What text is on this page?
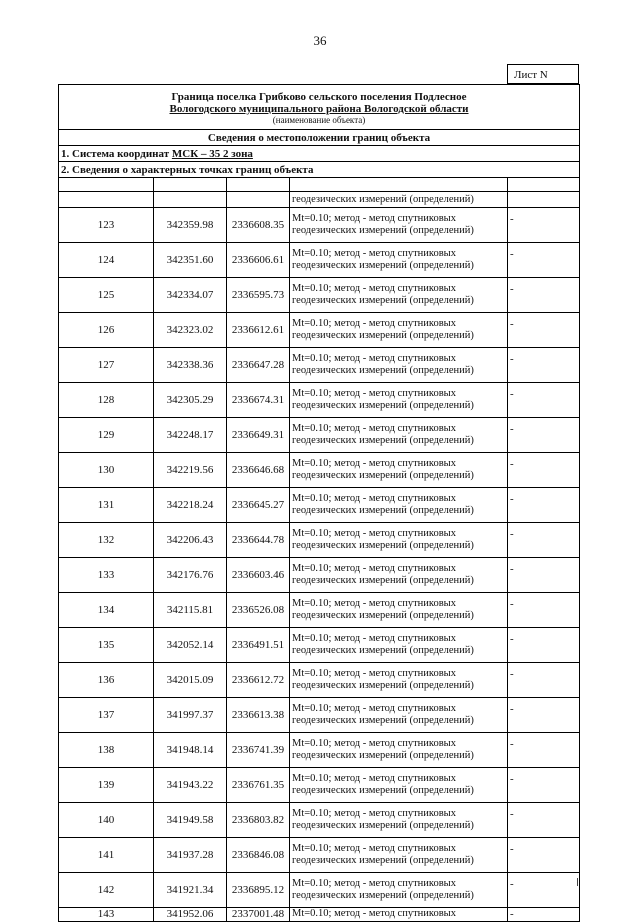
36
Лист N
Граница поселка Грибково сельского поселения Подлесное
Вологодского муниципального района Вологодской области
(наименование объекта)				

Сведения о местоположении границ объекта				
1. Система координат МСК – 35 2 зона				
2. Сведения о характерных точках границ объекта				

			геодезических измерений (определений)	
123	342359.98	2336608.35	Mt=0.10; метод - метод спутниковых
геодезических измерений (определений)	-
124	342351.60	2336606.61	Mt=0.10; метод - метод спутниковых
геодезических измерений (определений)	-
125	342334.07	2336595.73	Mt=0.10; метод - метод спутниковых
геодезических измерений (определений)	-
126	342323.02	2336612.61	Mt=0.10; метод - метод спутниковых
геодезических измерений (определений)	-
127	342338.36	2336647.28	Mt=0.10; метод - метод спутниковых
геодезических измерений (определений)	-
128	342305.29	2336674.31	Mt=0.10; метод - метод спутниковых
геодезических измерений (определений)	-
129	342248.17	2336649.31	Mt=0.10; метод - метод спутниковых
геодезических измерений (определений)	-
130	342219.56	2336646.68	Mt=0.10; метод - метод спутниковых
геодезических измерений (определений)	-
131	342218.24	2336645.27	Mt=0.10; метод - метод спутниковых
геодезических измерений (определений)	-
132	342206.43	2336644.78	Mt=0.10; метод - метод спутниковых
геодезических измерений (определений)	-
133	342176.76	2336603.46	Mt=0.10; метод - метод спутниковых
геодезических измерений (определений)	-
134	342115.81	2336526.08	Mt=0.10; метод - метод спутниковых
геодезических измерений (определений)	-
135	342052.14	2336491.51	Mt=0.10; метод - метод спутниковых
геодезических измерений (определений)	-
136	342015.09	2336612.72	Mt=0.10; метод - метод спутниковых
геодезических измерений (определений)	-
137	341997.37	2336613.38	Mt=0.10; метод - метод спутниковых
геодезических измерений (определений)	-
138	341948.14	2336741.39	Mt=0.10; метод - метод спутниковых
геодезических измерений (определений)	-
139	341943.22	2336761.35	Mt=0.10; метод - метод спутниковых
геодезических измерений (определений)	-
140	341949.58	2336803.82	Mt=0.10; метод - метод спутниковых
геодезических измерений (определений)	-
141	341937.28	2336846.08	Mt=0.10; метод - метод спутниковых
геодезических измерений (определений)	-
142	341921.34	2336895.12	Mt=0.10; метод - метод спутниковых
геодезических измерений (определений)	-
143	341952.06	2337001.48	Mt=0.10; метод - метод спутниковых	-
